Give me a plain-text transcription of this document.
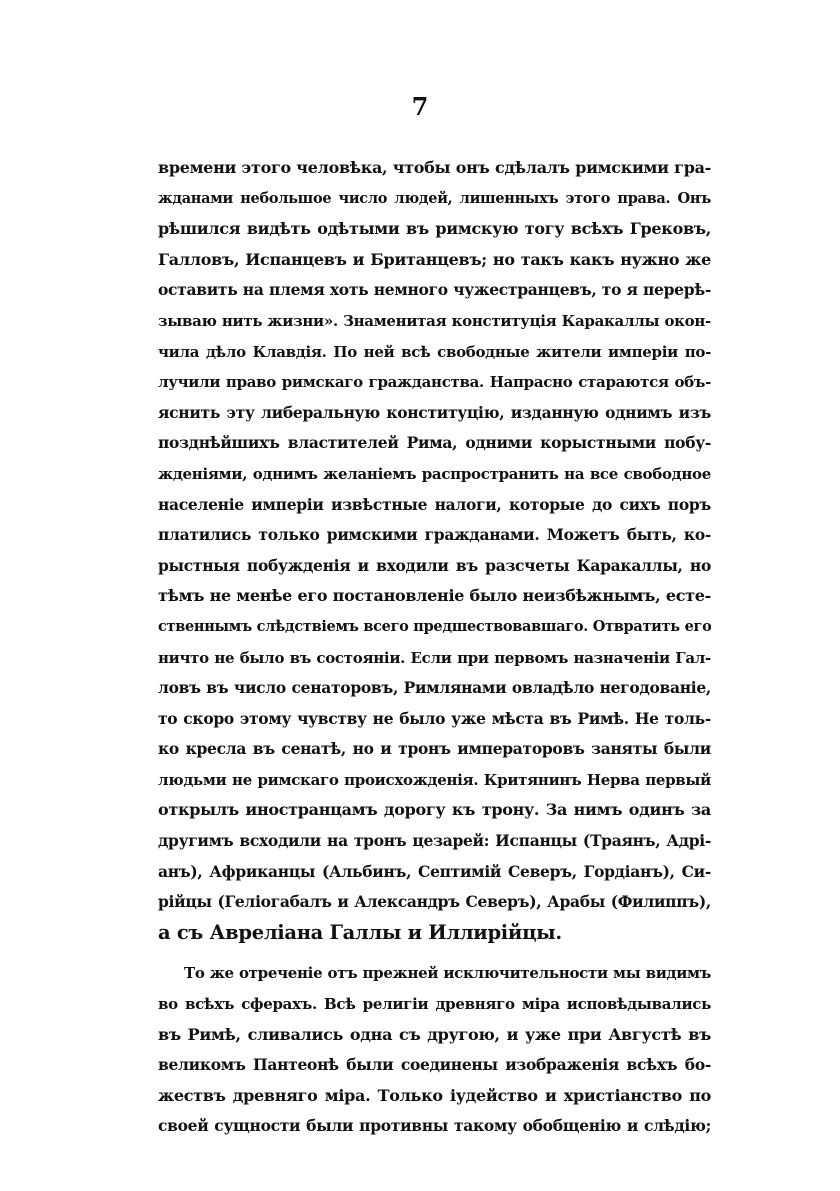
7
времени этого человѣка, чтобы онъ сдѣлалъ римскими гра-
жданами небольшое число людей, лишенныхъ этого права. Онъ
рѣшился видѣть одѣтыми въ римскую тогу всѣхъ Грековъ,
Галловъ, Испанцевъ и Британцевъ; но такъ какъ нужно же
оставить на племя хоть немного чужестранцевъ, то я перерѣ-
зываю нить жизни». Знаменитая конституція Каракаллы окон-
чила дѣло Клавдія. По ней всѣ свободные жители имперіи по-
лучили право римскаго гражданства. Напрасно стараются объ-
яснить эту либеральную конституцію, изданную однимъ изъ
позднѣйшихъ властителей Рима, одними корыстными побу-
жденіями, однимъ желаніемъ распространить на все свободное
населеніе имперіи извѣстные налоги, которые до сихъ поръ
платились только римскими гражданами. Можетъ быть, ко-
рыстныя побужденія и входили въ разсчеты Каракаллы, но
тѣмъ не менѣе его постановленіе было неизбѣжнымъ, есте-
ственнымъ слѣдствіемъ всего предшествовавшаго. Отвратить его
ничто не было въ состояніи. Если при первомъ назначеніи Гал-
ловъ въ число сенаторовъ, Римлянами овладѣло негодованіе,
то скоро этому чувству не было уже мѣста въ Римѣ. Не толь-
ко кресла въ сенатѣ, но и тронъ императоровъ заняты были
людьми не римскаго происхожденія. Критянинъ Нерва первый
открылъ иностранцамъ дорогу къ трону. За нимъ одинъ за
другимъ всходили на тронъ цезарей: Испанцы (Траянъ, Адрі-
анъ), Африканцы (Альбинъ, Септимій Северъ, Гордіанъ), Си-
рійцы (Геліогабалъ и Александръ Северъ), Арабы (Филиппъ),
а съ Авреліана Галлы и Иллирійцы.
То же отреченіе отъ прежней исключительности мы видимъ
во всѣхъ сферахъ. Всѣ религіи древняго міра исповѣдывались
въ Римѣ, сливались одна съ другою, и уже при Августѣ въ
великомъ Пантеонѣ были соединены изображенія всѣхъ бо-
жествъ древняго міра. Только іудейство и христіанство по
своей сущности были противны такому обобщенію и слѣдію;
